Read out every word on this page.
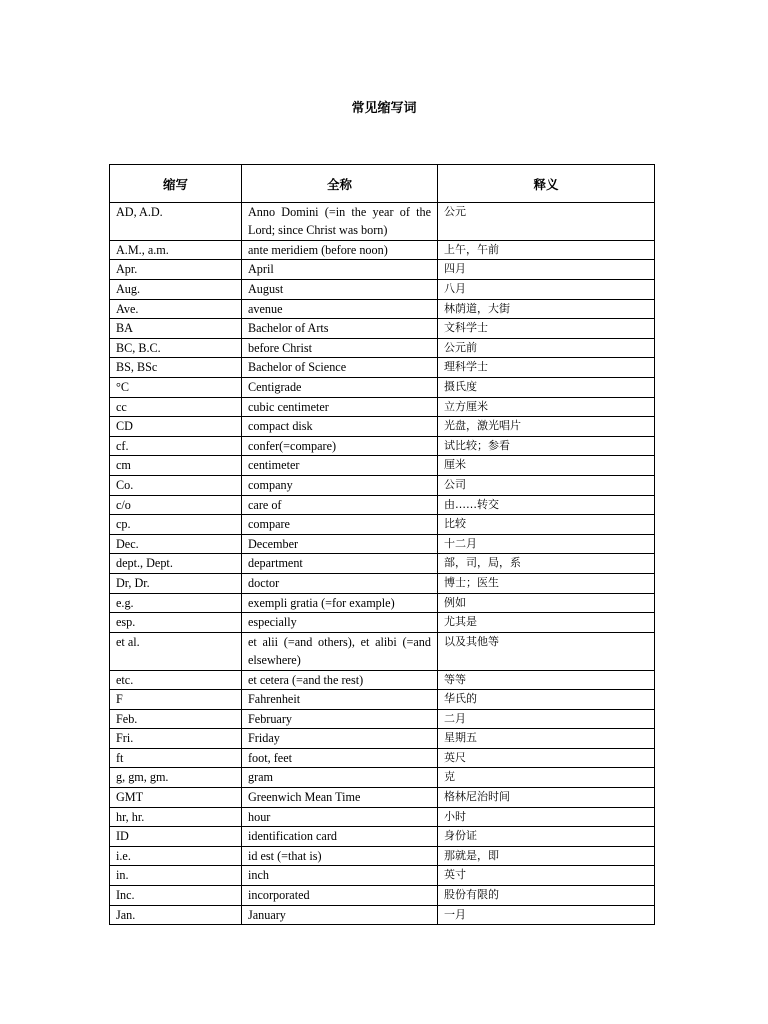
常见缩写词
缩写	全称	释义
AD, A.D.	Anno Domini (=in the year of the Lord; since Christ was born)	公元
A.M., a.m.	ante meridiem (before noon)	上午，午前
Apr.	April	四月
Aug.	August	八月
Ave.	avenue	林荫道，大街
BA	Bachelor of Arts	文科学士
BC, B.C.	before Christ	公元前
BS, BSc	Bachelor of Science	理科学士
°C	Centigrade	摄氏度
cc	cubic centimeter	立方厘米
CD	compact disk	光盘，激光唱片
cf.	confer(=compare)	试比较；参看
cm	centimeter	厘米
Co.	company	公司
c/o	care of	由……转交
cp.	compare	比较
Dec.	December	十二月
dept., Dept.	department	部，司，局，系
Dr, Dr.	doctor	博士；医生
e.g.	exempli gratia (=for example)	例如
esp.	especially	尤其是
et al.	et alii (=and others), et alibi (=and elsewhere)	以及其他等
etc.	et cetera (=and the rest)	等等
F	Fahrenheit	华氏的
Feb.	February	二月
Fri.	Friday	星期五
ft	foot, feet	英尺
g, gm, gm.	gram	克
GMT	Greenwich Mean Time	格林尼治时间
hr, hr.	hour	小时
ID	identification card	身份证
i.e.	id est (=that is)	那就是，即
in.	inch	英寸
Inc.	incorporated	股份有限的
Jan.	January	一月
